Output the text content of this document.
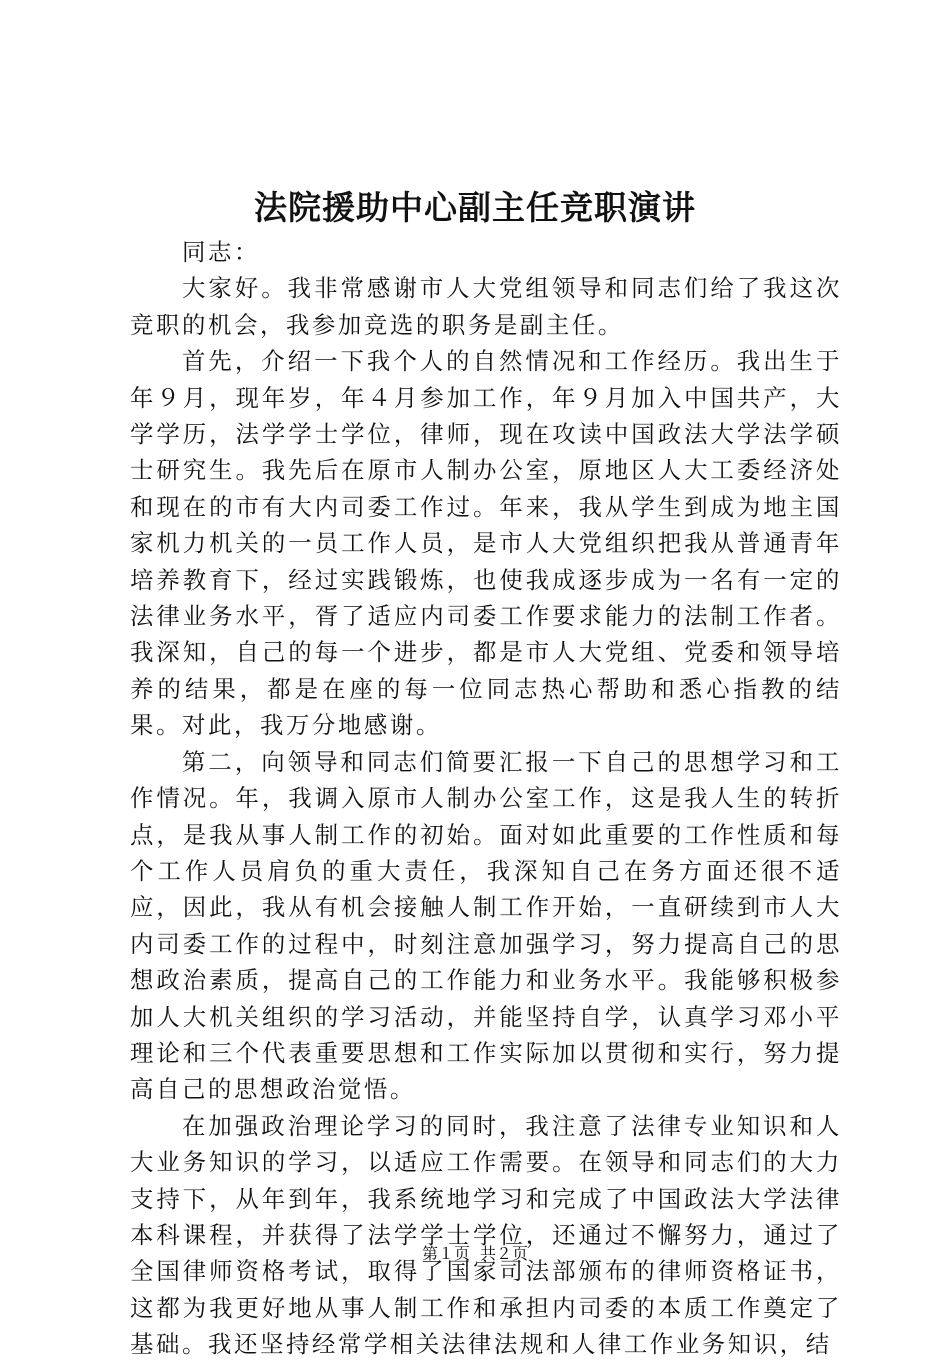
法院援助中心副主任竞职演讲

同志：

大家好。我非常感谢市人大党组领导和同志们给了我这次竞职的机会，我参加竞选的职务是副主任。

首先，介绍一下我个人的自然情况和工作经历。我出生于年９月，现年岁，年４月参加工作，年９月加入中国共产，大学学历，法学学士学位，律师，现在攻读中国政法大学法学硕士研究生。我先后在原市人制办公室，原地区人大工委经济处和现在的市有大内司委工作过。年来，我从学生到成为地主国家机力机关的一员工作人员，是市人大党组织把我从普通青年培养教育下，经过实践锻炼，也使我成逐步成为一名有一定的法律业务水平，胥了适应内司委工作要求能力的法制工作者。我深知，自己的每一个进步，都是市人大党组、党委和领导培养的结果，都是在座的每一位同志热心帮助和悉心指教的结果。对此，我万分地感谢。

第二，向领导和同志们简要汇报一下自己的思想学习和工作情况。年，我调入原市人制办公室工作，这是我人生的转折点，是我从事人制工作的初始。面对如此重要的工作性质和每个工作人员肩负的重大责任，我深知自己在务方面还很不适应，因此，我从有机会接触人制工作开始，一直研续到市人大内司委工作的过程中，时刻注意加强学习，努力提高自己的思想政治素质，提高自己的工作能力和业务水平。我能够积极参加人大机关组织的学习活动，并能坚持自学，认真学习邓小平理论和三个代表重要思想和工作实际加以贯彻和实行，努力提高自己的思想政治觉悟。

在加强政治理论学习的同时，我注意了法律专业知识和人大业务知识的学习，以适应工作需要。在领导和同志们的大力支持下，从年到年，我系统地学习和完成了中国政法大学法律本科课程，并获得了法学学士学位，还通过不懈努力，通过了全国律师资格考试，取得了国家司法部颁布的律师资格证书，这都为我更好地从事人制工作和承担内司委的本质工作奠定了基础。我还坚持经常学相关法律法规和人律工作业务知识，结

第１页 共２页
